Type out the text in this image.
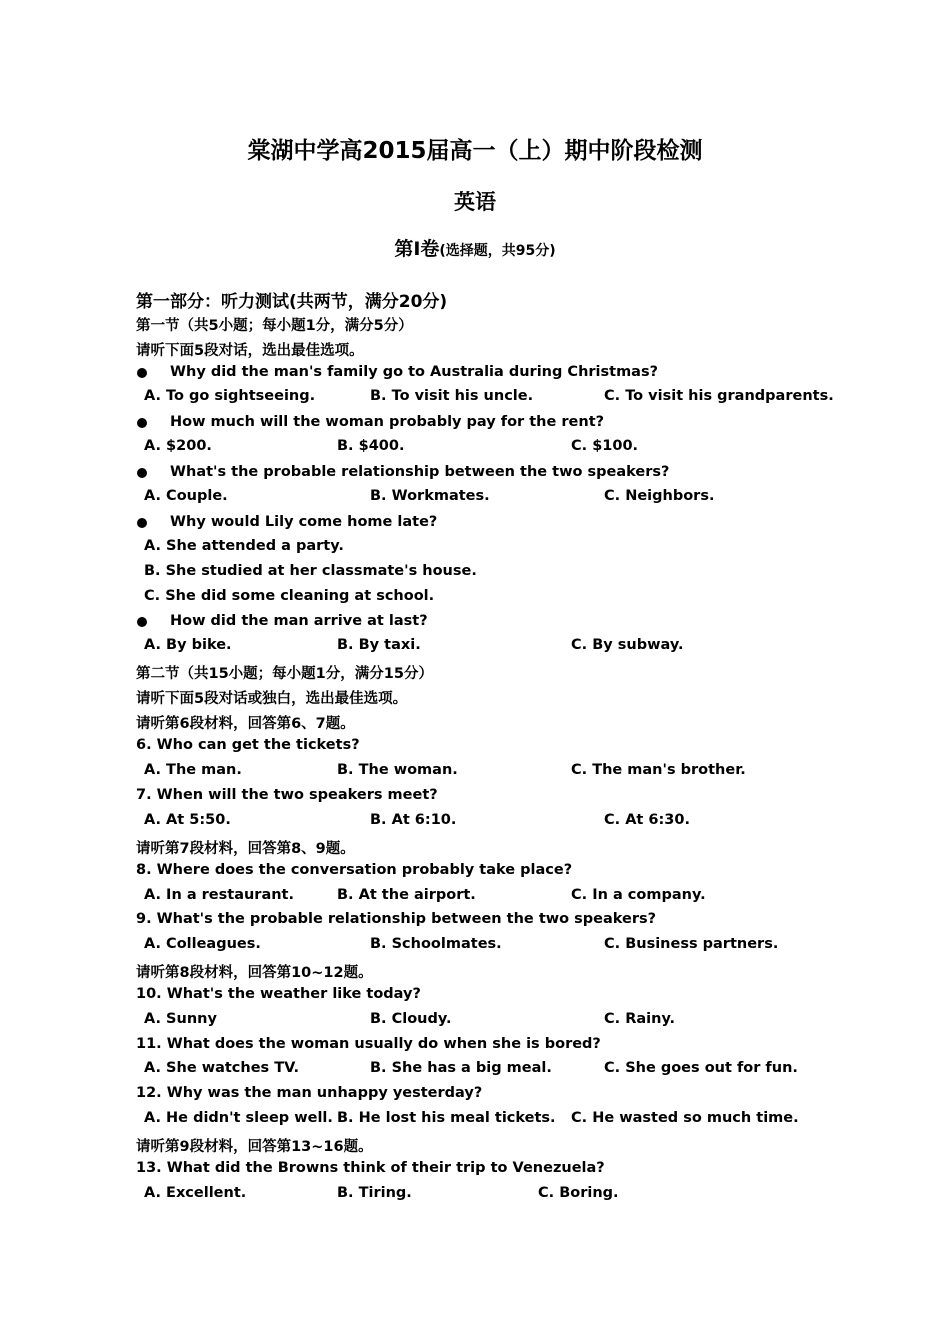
棠湖中学高2015届高一（上）期中阶段检测
英语
第Ⅰ卷(选择题，共95分)
第一部分：听力测试(共两节，满分20分)
第一节（共5小题；每小题1分，满分5分）
请听下面5段对话，选出最佳选项。
Why did the man's family go to Australia during Christmas?
A. To go sightseeing.	B. To visit his uncle.	C. To visit his grandparents.
How much will the woman probably pay for the rent?
A. $200.	B. $400.	C. $100.
What's the probable relationship between the two speakers?
A. Couple.	B. Workmates.	C. Neighbors.
Why would Lily come home late?
A. She attended a party.
B. She studied at her classmate's house.
C. She did some cleaning at school.
How did the man arrive at last?
A. By bike.	B. By taxi.	C. By subway.
第二节（共15小题；每小题1分，满分15分）
请听下面5段对话或独白，选出最佳选项。
请听第6段材料，回答第6、7题。
6. Who can get the tickets?
A. The man.	B. The woman.	C. The man's brother.
7. When will the two speakers meet?
A. At 5:50.	B. At 6:10.	C. At 6:30.
请听第7段材料，回答第8、9题。
8. Where does the conversation probably take place?
A. In a restaurant.	B. At the airport.	C. In a company.
9. What's the probable relationship between the two speakers?
A. Colleagues.	B. Schoolmates.	C. Business partners.
请听第8段材料，回答第10~12题。
10. What's the weather like today?
A. Sunny	B. Cloudy.	C. Rainy.
11. What does the woman usually do when she is bored?
A. She watches TV.	B. She has a big meal.	C. She goes out for fun.
12. Why was the man unhappy yesterday?
A. He didn't sleep well. B. He lost his meal tickets. C. He wasted so much time.
请听第9段材料，回答第13~16题。
13. What did the Browns think of their trip to Venezuela?
A. Excellent.	B. Tiring.	C. Boring.
